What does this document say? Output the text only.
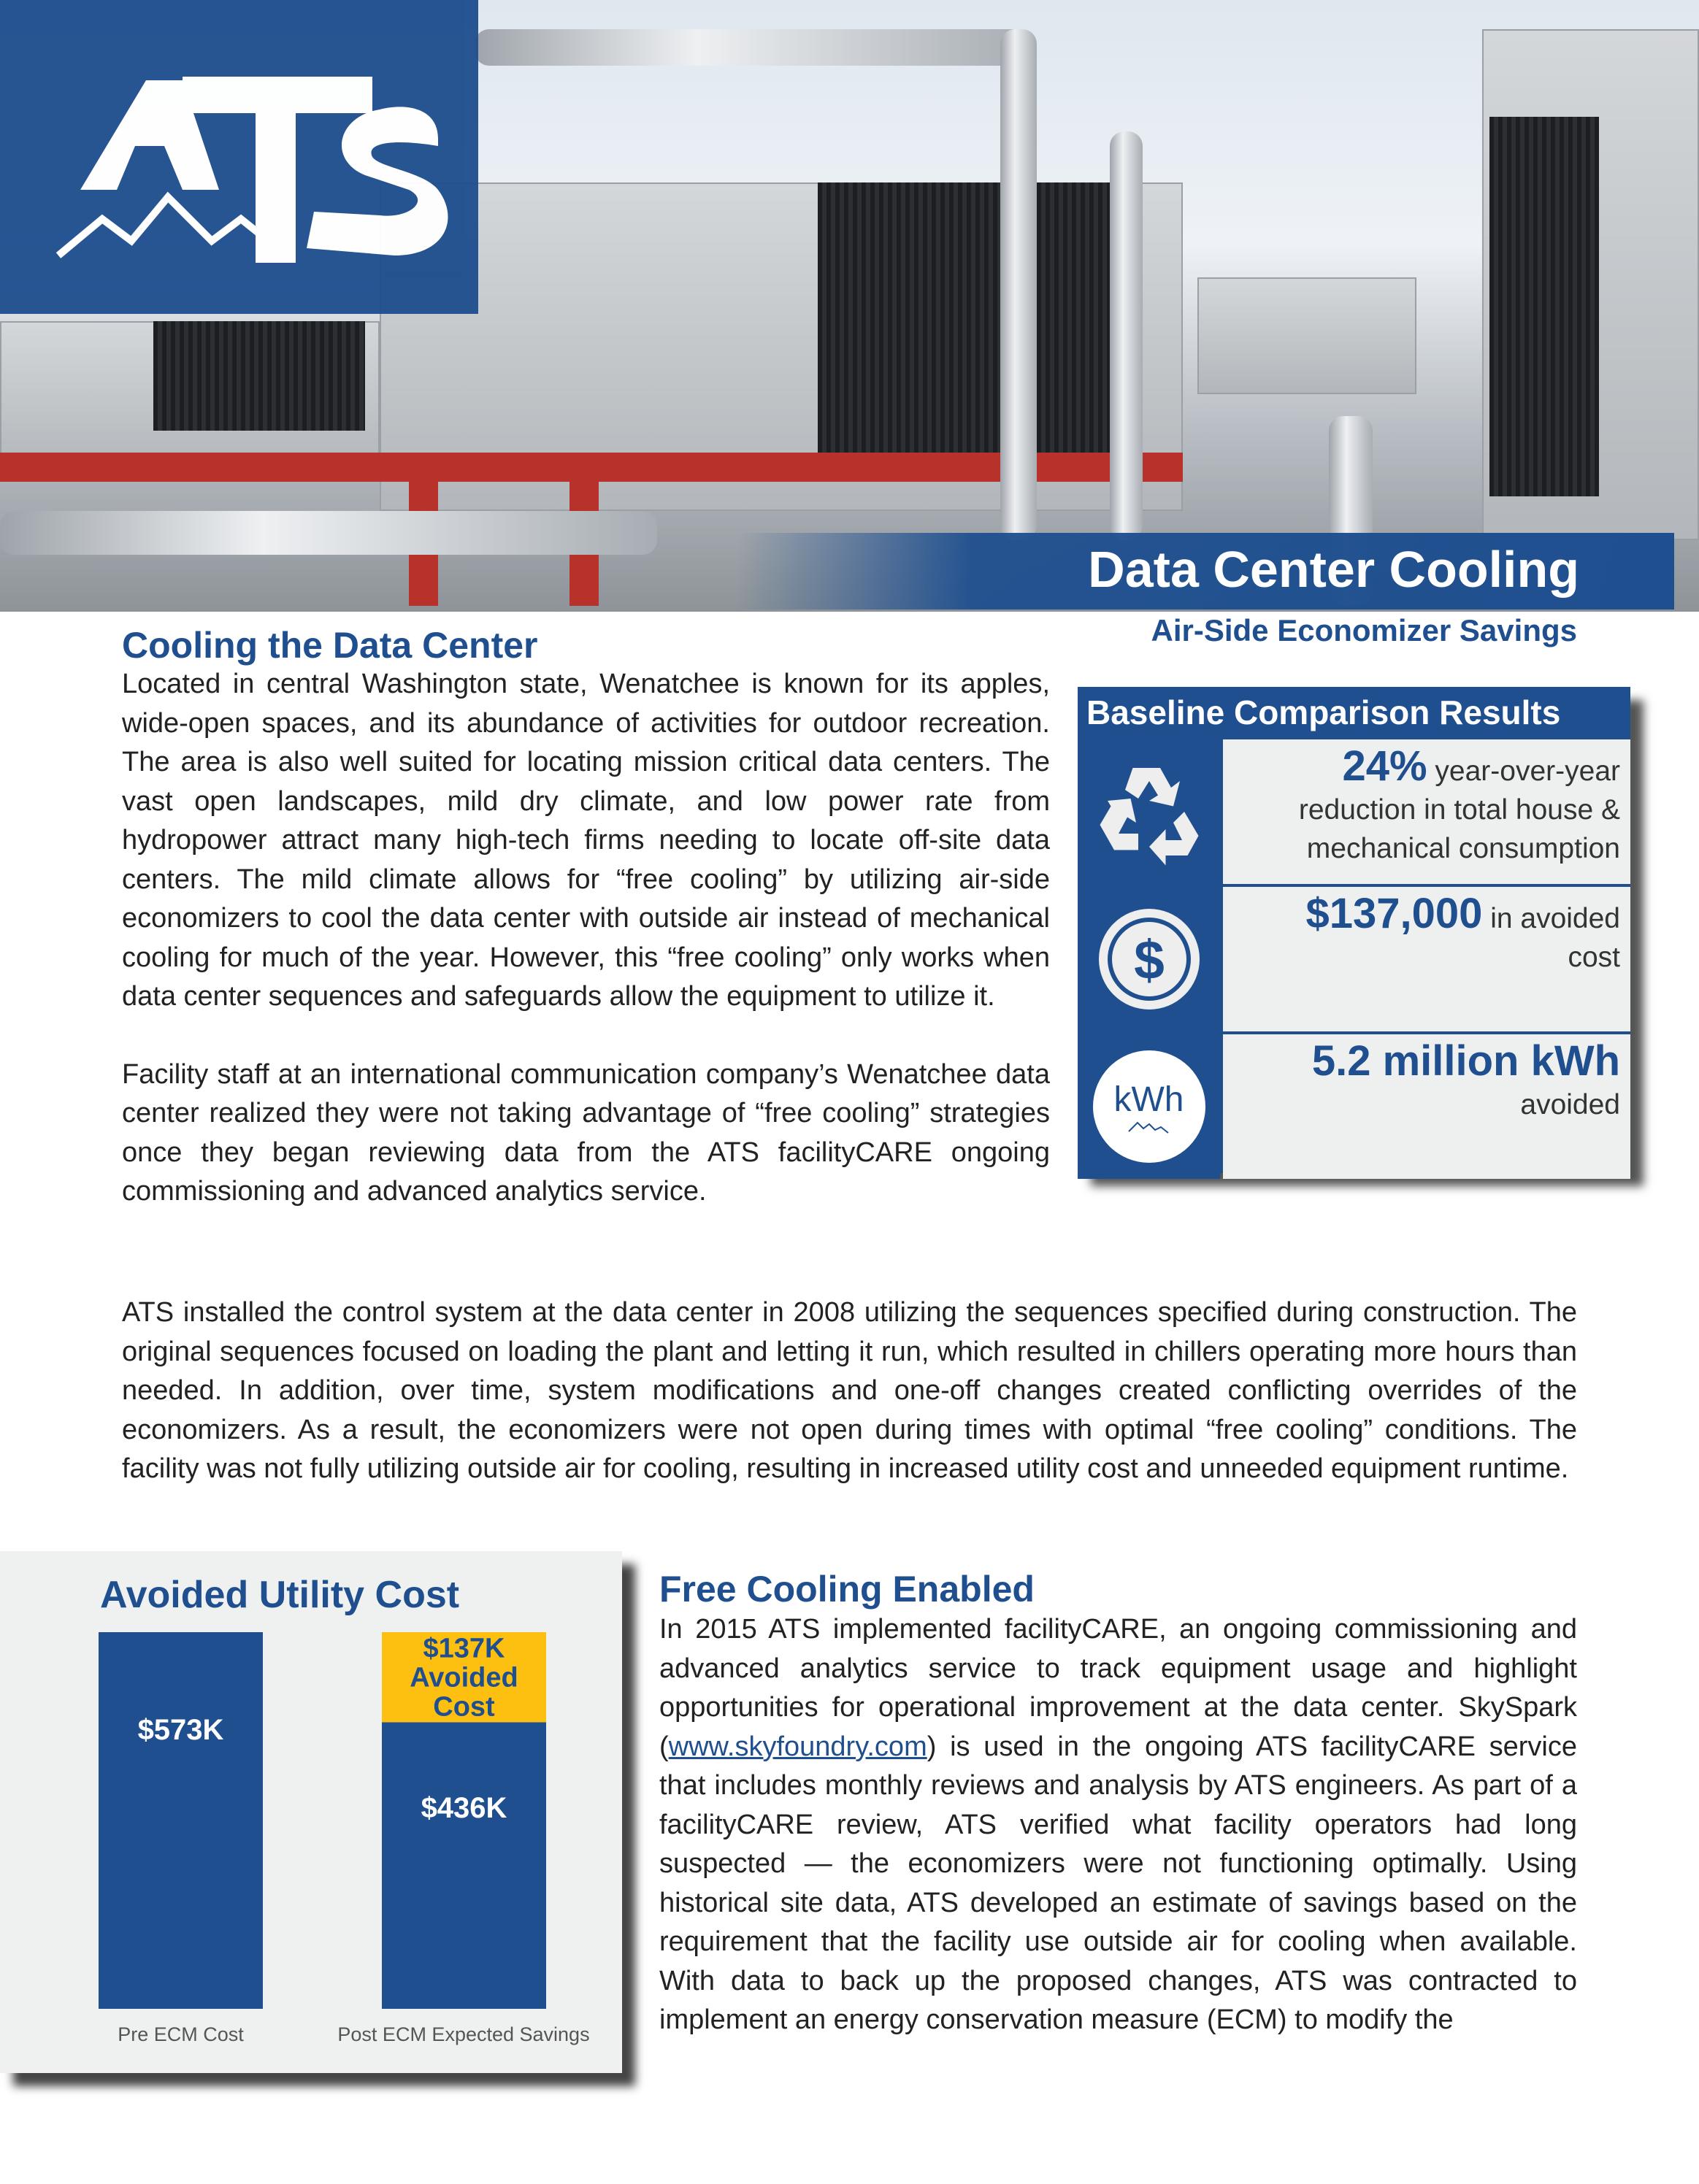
Data Center Cooling
Air-Side Economizer Savings
Cooling the Data Center

Located in central Washington state, Wenatchee is known for its apples, wide-open spaces, and its abundance of activities for outdoor recreation. The area is also well suited for locating mission critical data centers. The vast open landscapes, mild dry climate, and low power rate from hydropower attract many high-tech firms needing to locate off-site data centers. The mild climate allows for “free cooling” by utilizing air-side economizers to cool the data center with outside air instead of mechanical cooling for much of the year. However, this “free cooling” only works when data center sequences and safeguards allow the equipment to utilize it.

Facility staff at an international communication company’s Wenatchee data center realized they were not taking advantage of “free cooling” strategies once they began reviewing data from the ATS facilityCARE ongoing commissioning and advanced analytics service.

Baseline Comparison Results
24% year-over-year
reduction in total house & mechanical consumption
$
$137,000 in avoided
cost
kWh
5.2 million kWh
avoided

ATS installed the control system at the data center in 2008 utilizing the sequences specified during construction. The original sequences focused on loading the plant and letting it run, which resulted in chillers operating more hours than needed. In addition, over time, system modifications and one-off changes created conflicting overrides of the economizers. As a result, the economizers were not open during times with optimal “free cooling” conditions. The facility was not fully utilizing outside air for cooling, resulting in increased utility cost and unneeded equipment runtime.

Avoided Utility Cost
$573K
$436K
$137K
Avoided
Cost
Pre ECM Cost	Post ECM Expected Savings
Free Cooling Enabled

In 2015 ATS implemented facilityCARE, an ongoing commissioning and advanced analytics service to track equipment usage and highlight opportunities for operational improvement at the data center. SkySpark (www.skyfoundry.com) is used in the ongoing ATS facilityCARE service that includes monthly reviews and analysis by ATS engineers. As part of a facilityCARE review, ATS verified what facility operators had long suspected — the economizers were not functioning optimally. Using historical site data, ATS developed an estimate of savings based on the requirement that the facility use outside air for cooling when available. With data to back up the proposed changes, ATS was contracted to implement an energy conservation measure (ECM) to modify the
